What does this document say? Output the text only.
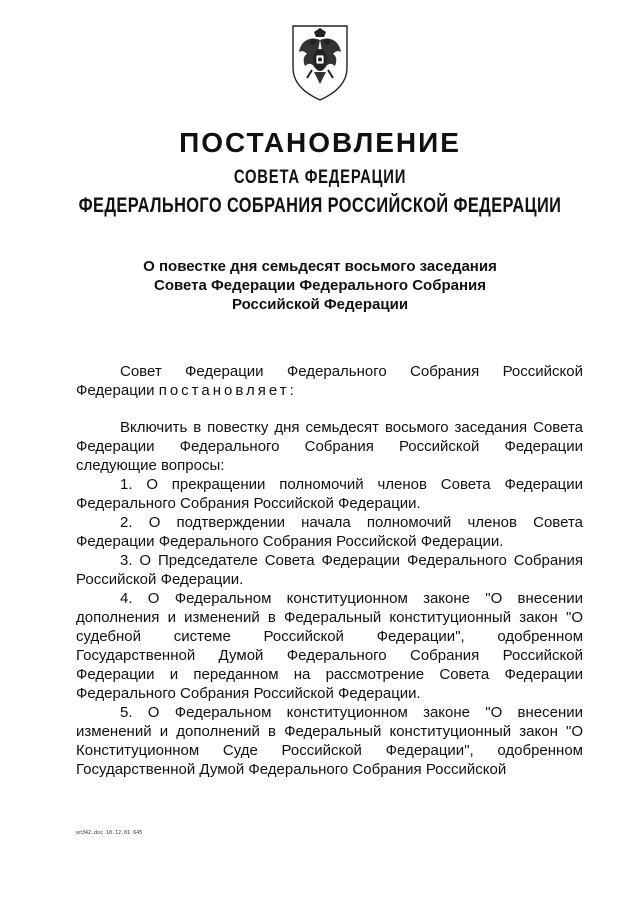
ПОСТАНОВЛЕНИЕ
СОВЕТА ФЕДЕРАЦИИ
ФЕДЕРАЛЬНОГО СОБРАНИЯ РОССИЙСКОЙ ФЕДЕРАЦИИ
О повестке дня семьдесят восьмого заседания
Совета Федерации Федерального Собрания
Российской Федерации

Совет Федерации Федерального Собрания Российской Федерации постановляет:

Включить в повестку дня семьдесят восьмого заседания Совета Федерации Федерального Собрания Российской Федерации следующие вопросы:

1. О прекращении полномочий членов Совета Федерации Федерального Собрания Российской Федерации.

2. О подтверждении начала полномочий членов Совета Федерации Федерального Собрания Российской Федерации.

3. О Председателе Совета Федерации Федерального Собрания Российской Федерации.

4. О Федеральном конституционном законе "О внесении дополнения и изменений в Федеральный конституционный закон "О судебной системе Российской Федерации", одобренном Государственной Думой Федерального Собрания Российской Федерации и переданном на рассмотрение Совета Федерации Федерального Собрания Российской Федерации.

5. О Федеральном конституционном законе "О внесении изменений и дополнений в Федеральный конституционный закон "О Конституционном Суде Российской Федерации", одобренном Государственной Думой Федерального Собрания Российской

кп342.doc 10.12.01 645
